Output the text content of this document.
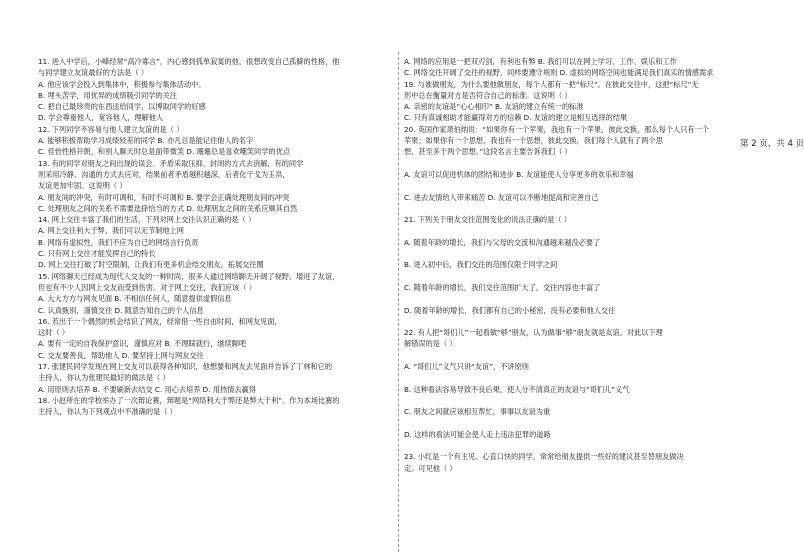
11. 进入中学后，小峰经常“高冷寡言”，内心感到孤单寂寞的他，很想改变自己孤僻的性格，他
与同学建立友谊最好的方法是（ ）
A. 他应该学会投入到集体中，积极参与集体活动中。
B. 埋头苦学，用优异的成绩吸引同学的关注
C. 把自己最珍贵的东西送给同学，以博取同学的好感
D. 学会尊重他人，宽容他人，理解他人
12. 下列同学不容易与他人建立友谊的是（ ）
A. 能够积极帮助学习成绩较差的同学 B. 亦凡总是能记住他人的名字
C. 佳怡性格开朗，和别人聊天时总是面带微笑 D. 珊珊总是喜欢嘲笑同学的优点
13. 有的同学对朋友之间出现的误会、矛盾采取压抑、封闭的方式去消解，有的同学
则采用冷静、沟通的方式去应对，结果前者矛盾越积越深，后者化干戈为玉帛，
友谊更加牢固。这说明（ ）
A. 朋友间的冲突，有时可调和，有时不可调和 B. 要学会正确处理朋友间的冲突
C. 处理朋友之间的关系不需要选择恰当的方式 D. 处理朋友之间的关系应顺其自然
14. 网上交往丰富了我们的生活，下列对网上交往认识正确的是（ ）
A. 网上交往利大于弊，我们可以无节制地上网
B. 网络有虚拟性，我们不应为自己的网络言行负责
C. 只有网上交往才能发挥自己的特长
D. 网上交往打破了时空限制，让我们有更多机会结交朋友，拓展交往圈
15. 网络聊天已经成为现代人交友的一种时尚，很多人通过网络聊天开阔了视野、增进了友谊，
但也有不少人因网上交友而受到伤害。对于网上交往，我们应该（ ）
A. 大大方方与网友见面 B. 不相信任何人，随意提供虚假信息
C. 认真甄别，谨慎交往 D. 随意告知自己的个人信息
16. 若出于一个偶然的机会结识了网友，经常借一些自由时间，和网友见面，
这时（ ）
A. 要有一定的自我保护意识，谨慎应对 B. 不理睬就行，继续聊吧
C. 交友要善良，帮助他人 D. 要坚持上网与网友交往
17. 张建民同学发现在网上交友可以获得各种知识，他想要和网友去见面并告诉了丁林和它的
主持人，你认为张建民最好的做法是（ ）
A. 用原则去培养 B. 不要刷新去结交 C. 用心去培养 D. 用热情去赢得
18. 小赵所在的学校举办了一次辩论赛，辩题是“网络利大于弊还是弊大于利”。作为本场比赛的
主持人，你认为下列观点中不准确的是（ ）
A. 网络的应用是一把双刃剑，有利也有弊 B. 我们可以在网上学习、工作、娱乐和工作
C. 网络交往开阔了交往的视野，同样要遵守规则 D. 虚拟的网络空间也能满足我们真实的情感需求
19. 与谁做朋友，为什么要他做朋友，每个人都有一把“标尺”。在彼此交往中，这把“标尺”无
形中总在衡量对方是否符合自己的标准。这说明（ ）
A. 亲密的友谊是“心心相印” B. 友谊的建立有统一的标准
C. 只有真诚相助才能赢得对方的信赖 D. 友谊的建立是相互选择的结果
20. 英国作家萧伯纳说：“如果你有一个苹果，我也有一个苹果，彼此交换，那么每个人只有一个
苹果；如果你有一个思想，我也有一个思想，彼此交换，我们每个人就有了两个思
想，甚至多于两个思想。”这段名言主要告诉我们（ ）

A. 友谊可以促进机体的团结和进步 B. 友谊能使人分享更多的欢乐和幸福

C. 进去友情给人带来痛苦 D. 友谊可以不断地提高和完善自己

21. 下列关于朋友交往范围变化的说法正确的是（ ）

A. 随着年龄的增长，我们与父母的交流和沟通越来越没必要了

B. 进入初中后，我们交往的范围仅限于同学之间

C. 随着年龄的增长，我们交往范围扩大了，交往内容也丰富了

D. 随着年龄的增长，我们都有自己的小秘密，没有必要和他人交往

22. 有人把“哥们儿”一起看做“够”朋友，认为做事“够”朋友就是友谊。对此以下理
解错误的是（ ）

A. “哥们儿”义气只讲“友谊”，不讲原则

B. 这种看法容易导致不良后果，使人分不清真正的友谊与“哥们儿”义气

C. 朋友之间就应该相互帮忙，事事以友谊为重

D. 这样的看法可能会使人走上违法犯罪的道路

23. 小红是一个有主见、心直口快的同学，常常给朋友提供一些好的建议甚至替朋友做决
定。可见他（ ）
第 2 页，共 4 页
